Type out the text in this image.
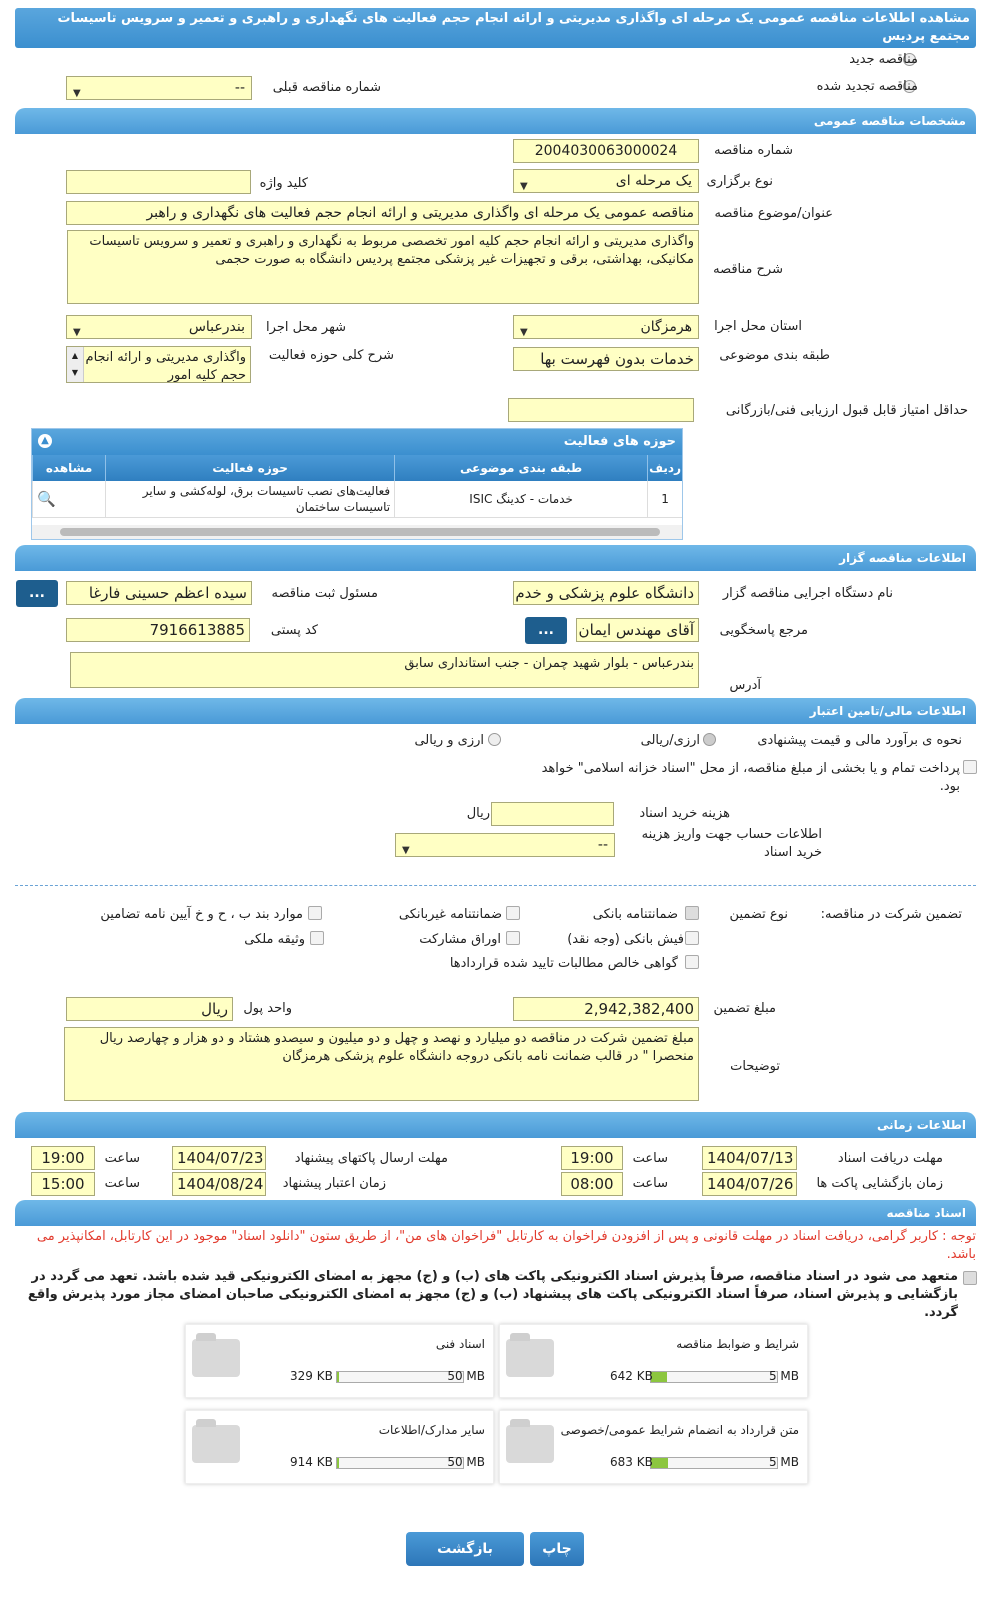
مشاهده اطلاعات مناقصه عمومی یک مرحله ای واگذاری مدیریتی و ارائه انجام حجم فعالیت های نگهداری و راهبری و تعمیر و سرویس تاسیسات مجتمع پردیس
مناقصه جدید
مناقصه تجدید شده
شماره مناقصه قبلی
--
▼
مشخصات مناقصه عمومی
شماره مناقصه
2004030063000024
نوع برگزاری
یک مرحله ای
▼
کلید واژه
عنوان/موضوع مناقصه
مناقصه عمومی یک مرحله ای واگذاری مدیریتی و ارائه انجام حجم فعالیت های نگهداری و راهبر
شرح مناقصه
واگذاری مدیریتی و ارائه انجام حجم کلیه امور تخصصی مربوط به نگهداری و راهبری و تعمیر و سرویس تاسیسات مکانیکی، بهداشتی، برقی و تجهیزات غیر پزشکی مجتمع پردیس دانشگاه به صورت حجمی
استان محل اجرا
هرمزگان
▼
شهر محل اجرا
بندرعباس
▼
طبقه بندی موضوعی
خدمات بدون فهرست بها
شرح کلی حوزه فعالیت
واگذاری مدیریتی و ارائه انجام حجم کلیه امور
▲
▼
حداقل امتیاز قابل قبول ارزیابی فنی/بازرگانی
حوزه های فعالیت
▲
ردیف	طبقه بندی موضوعی	حوزه فعالیت	مشاهده
1	خدمات - کدینگ ISIC	فعالیت‌های نصب تاسیسات برق، لوله‌کشی و سایر تاسیسات ساختمان	🔍
اطلاعات مناقصه گزار
نام دستگاه اجرایی مناقصه گزار
دانشگاه علوم پزشکی و خدم
مسئول ثبت مناقصه
سیده اعظم حسینی فارغا
...
کد پستی
7916613885	مرجع پاسخگویی
آقای مهندس ایمان
...
آدرس
بندرعباس - بلوار شهید چمران - جنب استانداری سابق
اطلاعات مالی/تامین اعتبار
نحوه ی برآورد مالی و قیمت پیشنهادی
ارزی/ریالی
ارزی و ریالی
پرداخت تمام و یا بخشی از مبلغ مناقصه، از محل "اسناد خزانه اسلامی" خواهد بود.
هزینه خرید اسناد
ریال
اطلاعات حساب جهت واریز هزینه خرید اسناد
--
▼
تضمین شرکت در مناقصه:
نوع تضمین
ضمانتنامه بانکی
ضمانتنامه غیربانکی
موارد بند ب ، ح و خ آیین نامه تضامین
فیش بانکی (وجه نقد)
اوراق مشارکت
وثیقه ملکی
گواهی خالص مطالبات تایید شده قراردادها
مبلغ تضمین
2,942,382,400
واحد پول
ریال
توضیحات
مبلغ تضمین شرکت در مناقصه دو میلیارد و نهصد و چهل و دو میلیون و سیصدو هشتاد و دو هزار و چهارصد ریال منحصرا " در قالب ضمانت نامه بانکی دروجه دانشگاه علوم پزشکی هرمزگان
اطلاعات زمانی
مهلت دریافت اسناد
1404/07/13
ساعت
19:00
مهلت ارسال پاکتهای پیشنهاد
1404/07/23
ساعت
19:00
زمان بازگشایی پاکت ها
1404/07/26
ساعت
08:00
زمان اعتبار پیشنهاد
1404/08/24
ساعت
15:00
اسناد مناقصه
توجه : کاربر گرامی، دریافت اسناد در مهلت قانونی و پس از افزودن فراخوان به کارتابل "فراخوان های من"، از طریق ستون "دانلود اسناد" موجود در این کارتابل، امکانپذیر می باشد.
متعهد می شود در اسناد مناقصه، صرفاً پذیرش اسناد الکترونیکی پاکت های (ب) و (ج) مجهز به امضای الکترونیکی قید شده باشد. تعهد می گردد در بازگشایی و پذیرش اسناد، صرفاً اسناد الکترونیکی پاکت های پیشنهاد (ب) و (ج) مجهز به امضای الکترونیکی صاحبان امضای مجاز مورد پذیرش واقع گردد.
شرایط و ضوابط مناقصه
642 KB	5 MB
اسناد فنی
329 KB	50 MB
متن قرارداد به انضمام شرایط عمومی/خصوصی
683 KB	5 MB
سایر مدارک/اطلاعات
914 KB	50 MB
چاپ
بازگشت
